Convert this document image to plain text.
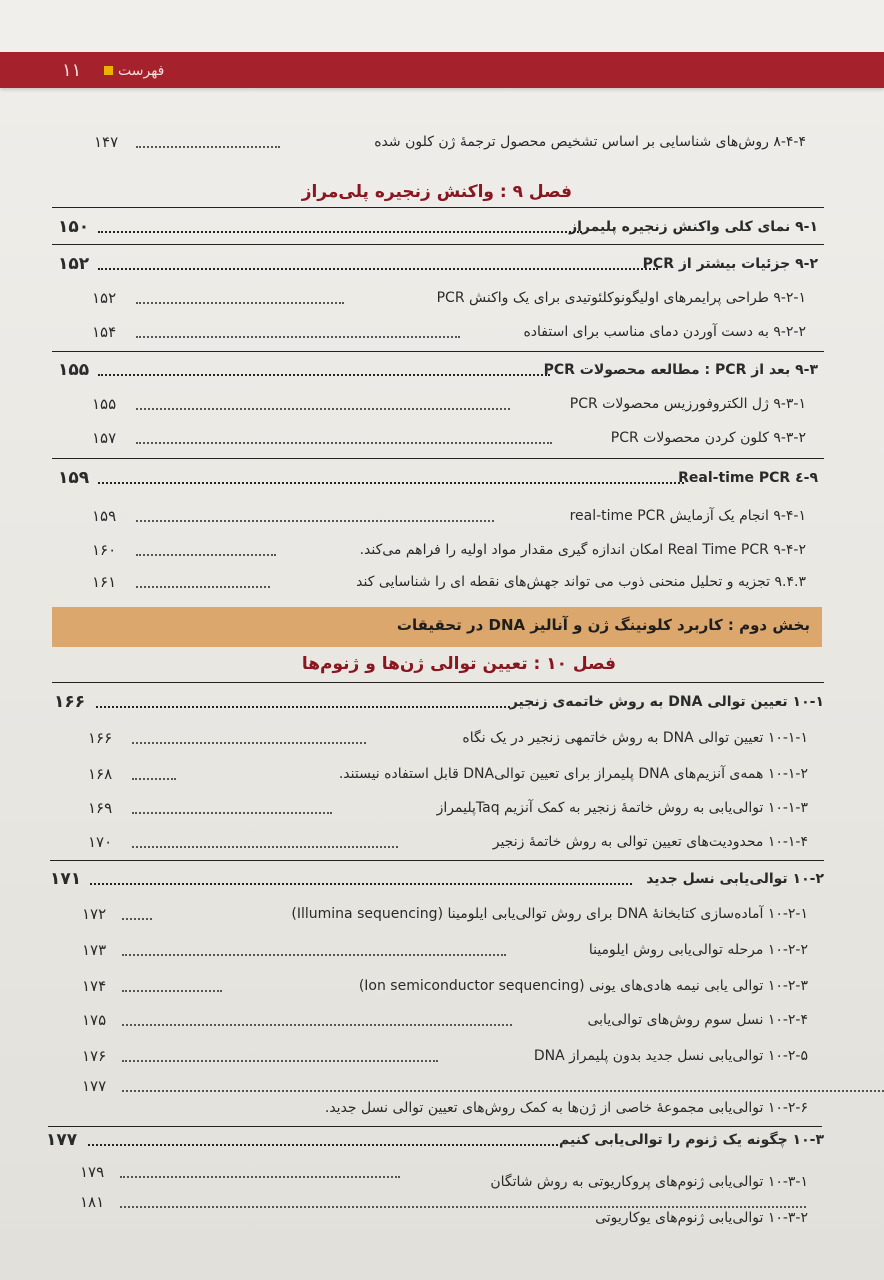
۱۱	فهرست
۸-۴-۴ روش‌های شناسایی بر اساس تشخیص محصول ترجمهٔ ژن کلون شده
۱۴۷
فصل ۹ : واکنش زنجیره پلی‌مراز
۹-۱ نمای کلی واکنش زنجیره پلیمراز
۱۵۰
۹-۲ جزئیات بیشتر از PCR
۱۵۲
۹-۲-۱ طراحی پرایمرهای اولیگونوکلئوتیدی برای یک واکنش PCR
۱۵۲
۹-۲-۲ به دست آوردن دمای مناسب برای استفاده
۱۵۴
۹-۳ بعد از PCR : مطالعه محصولات PCR
۱۵۵
۹-۳-۱ ژل الکتروفورزیس محصولات PCR
۱۵۵
۹-۳-۲ کلون کردن محصولات PCR
۱۵۷
۹-٤ Real-time PCR
۱۵۹
۹-۴-۱ انجام یک آزمایش real-time PCR
۱۵۹
۹-۴-۲ Real Time PCR امکان اندازه گیری مقدار مواد اولیه را فراهم می‌کند.
۱۶۰
۹.۴.۳ تجزیه و تحلیل منحنی ذوب می تواند جهش‌های نقطه ای را شناسایی کند
۱۶۱
بخش دوم : کاربرد کلونینگ ژن و آنالیز DNA در تحقیقات
فصل ۱۰ : تعیین توالی ژن‌ها و ژنوم‌ها
۱۰-۱ تعیین توالی DNA به روش خاتمه‌ی زنجیر
۱۶۶
۱۰-۱-۱ تعیین توالی DNA به روش خاتمهی زنجیر در یک نگاه
۱۶۶
۱۰-۱-۲ همه‌ی آنزیم‌های DNA پلیمراز برای تعیین توالیDNA قابل استفاده نیستند.
۱۶۸
۱۰-۱-۳ توالی‌یابی به روش خاتمهٔ زنجیر به کمک آنزیم Taqپلیمراز
۱۶۹
۱۰-۱-۴ محدودیت‌های تعیین توالی به روش خاتمهٔ زنجیر
۱۷۰
۱۰-۲ توالی‌یابی نسل جدید
۱۷۱
۱۰-۲-۱ آماده‌سازی کتابخانهٔ DNA برای روش توالی‌یابی ایلومینا (Illumina sequencing)
۱۷۲
۱۰-۲-۲ مرحله توالی‌یابی روش ایلومینا
۱۷۳
۱۰-۲-۳ توالی یابی نیمه هادی‌های یونی (Ion semiconductor sequencing)
۱۷۴
۱۰-۲-۴ نسل سوم روش‌های توالی‌یابی
۱۷۵
۱۰-۲-۵ توالی‌یابی نسل جدید بدون پلیمراز DNA
۱۷۶
۱۷۷
۱۰-۲-۶ توالی‌یابی مجموعهٔ خاصی از ژن‌ها به کمک روش‌های تعیین توالی نسل جدید.
۱۰-۳ چگونه یک ژنوم را توالی‌یابی کنیم
۱۷۷
۱۷۹
۱۰-۳-۱ توالی‌یابی ژنوم‌های پروکاریوتی به روش شاتگان
۱۸۱
۱۰-۳-۲ توالی‌یابی ژنوم‌های یوکاریوتی
